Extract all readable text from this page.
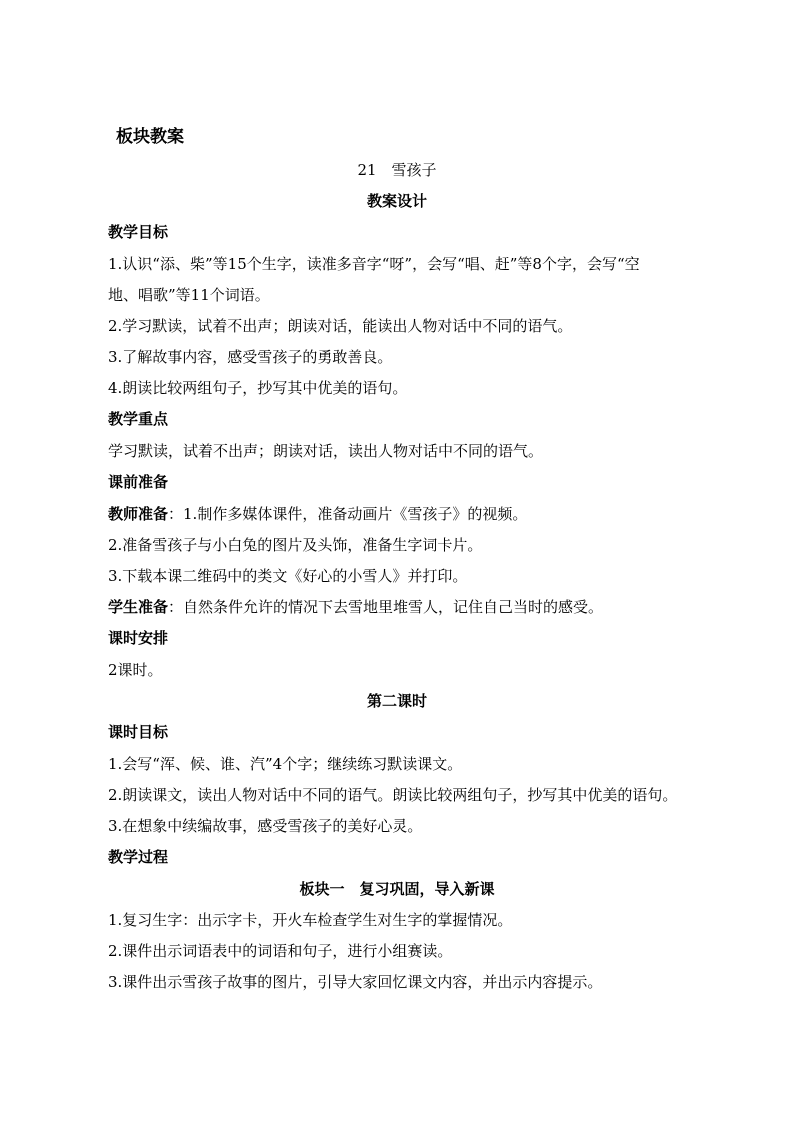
板块教案
21　雪孩子
教案设计
教学目标
1.认识“添、柴”等15个生字，读准多音字“呀”，会写“唱、赶”等8个字，会写“空
地、唱歌”等11个词语。
2.学习默读，试着不出声；朗读对话，能读出人物对话中不同的语气。
3.了解故事内容，感受雪孩子的勇敢善良。
4.朗读比较两组句子，抄写其中优美的语句。
教学重点
学习默读，试着不出声；朗读对话，读出人物对话中不同的语气。
课前准备
教师准备：1.制作多媒体课件，准备动画片《雪孩子》的视频。
2.准备雪孩子与小白兔的图片及头饰，准备生字词卡片。
3.下载本课二维码中的类文《好心的小雪人》并打印。
学生准备：自然条件允许的情况下去雪地里堆雪人，记住自己当时的感受。
课时安排
2课时。
第二课时
课时目标
1.会写“浑、候、谁、汽”4个字；继续练习默读课文。
2.朗读课文，读出人物对话中不同的语气。朗读比较两组句子，抄写其中优美的语句。
3.在想象中续编故事，感受雪孩子的美好心灵。
教学过程
板块一　复习巩固，导入新课
1.复习生字：出示字卡，开火车检查学生对生字的掌握情况。
2.课件出示词语表中的词语和句子，进行小组赛读。
3.课件出示雪孩子故事的图片，引导大家回忆课文内容，并出示内容提示。
